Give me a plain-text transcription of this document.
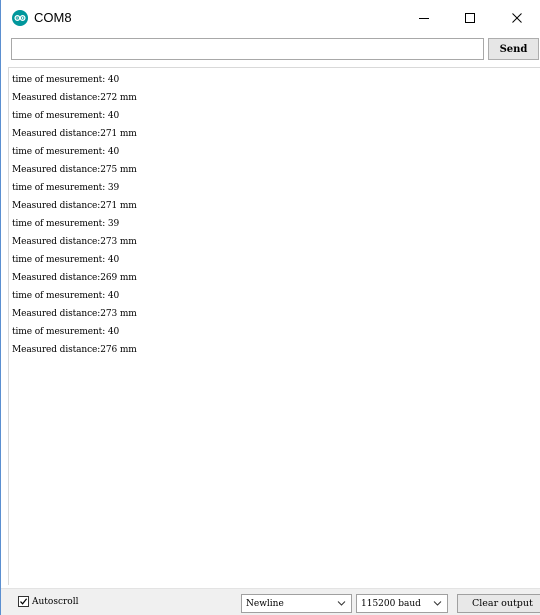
COM8
Send
time of mesurement: 40
Measured distance:272 mm
time of mesurement: 40
Measured distance:271 mm
time of mesurement: 40
Measured distance:275 mm
time of mesurement: 39
Measured distance:271 mm
time of mesurement: 39
Measured distance:273 mm
time of mesurement: 40
Measured distance:269 mm
time of mesurement: 40
Measured distance:273 mm
time of mesurement: 40
Measured distance:276 mm
Autoscroll	Newline	115200 baud	Clear output
